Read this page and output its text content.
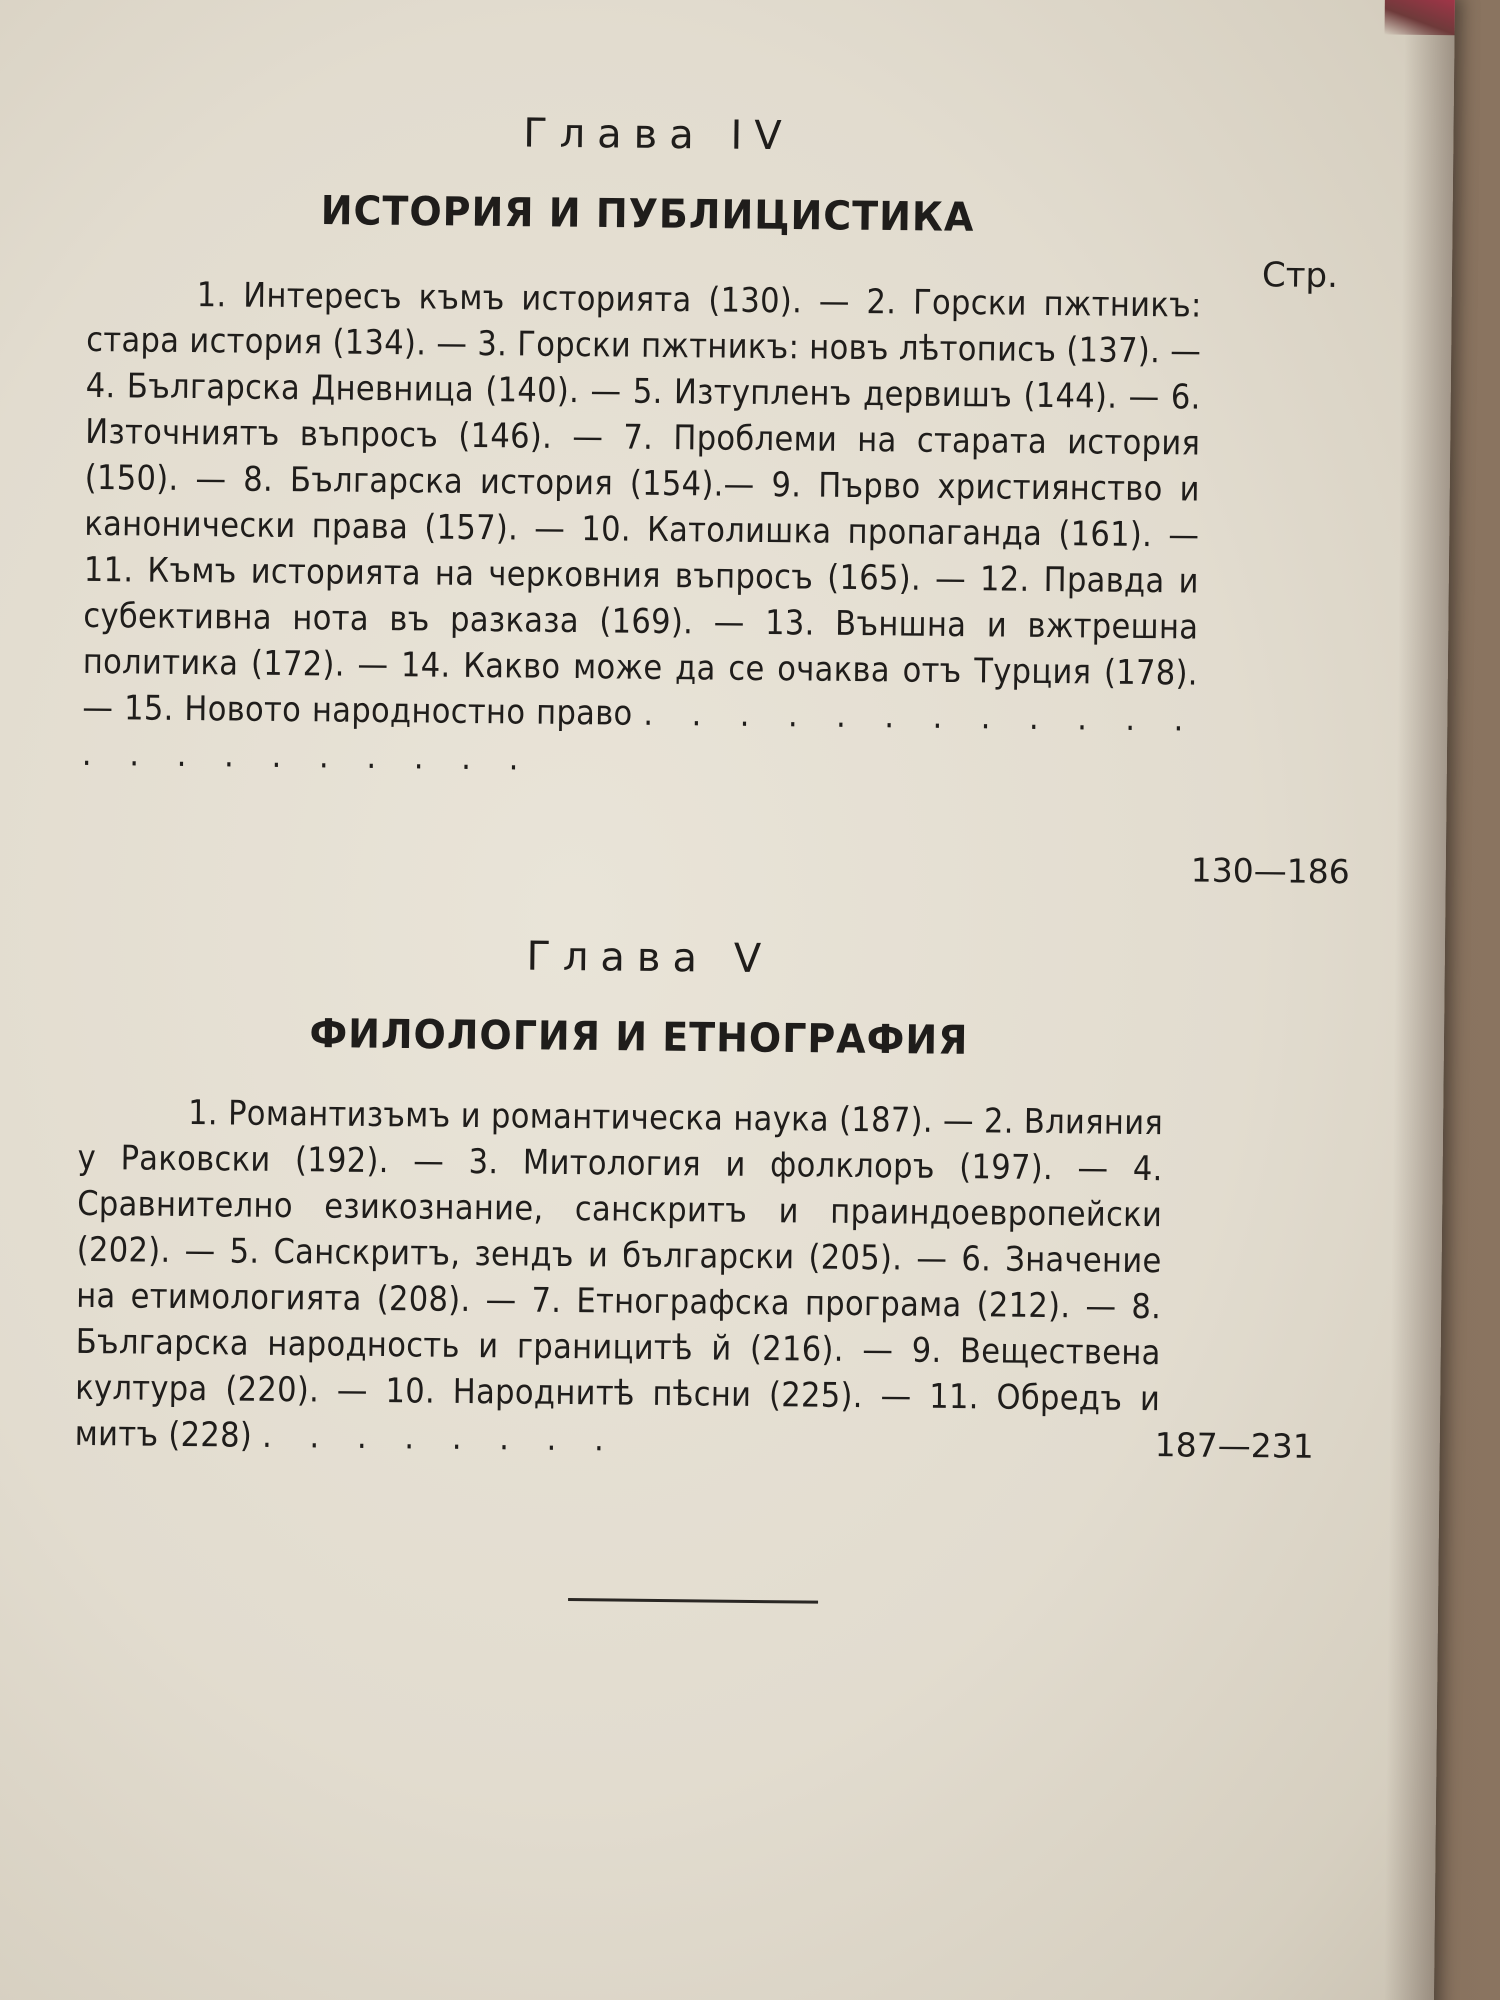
Глава IV
ИСТОРИЯ И ПУБЛИЦИСТИКА
Стр.
1. Интересъ къмъ историята (130). — 2. Горски пжтникъ: стара история (134). — 3. Горски пжтникъ: новъ лѣтописъ (137). — 4. Българска Дневница (140). — 5. Изтупленъ дервишъ (144). — 6. Източниятъ въпросъ (146). — 7. Проблеми на старата история (150). — 8. Българска история (154).— 9. Първо християнство и канонически права (157). — 10. Католишка пропаганда (161). — 11. Къмъ историята на черковния въпросъ (165). — 12. Правда и субективна нота въ разказа (169). — 13. Външна и вжтрешна политика (172). — 14. Какво може да се очаква отъ Турция (178). — 15. Новото народностно право . . . . . . . . . . . . . . . . . . . . . .
130—186
Глава V
ФИЛОЛОГИЯ И ЕТНОГРАФИЯ
1. Романтизъмъ и романтическа наука (187). — 2. Влияния у Раковски (192). — 3. Митология и фолклоръ (197). — 4. Сравнително езикознание, санскритъ и праиндоевропейски (202). — 5. Санскритъ, зендъ и български (205). — 6. Значение на етимологията (208). — 7. Етнографска програма (212). — 8. Българска народность и границитѣ й (216). — 9. Веществена култура (220). — 10. Народнитѣ пѣсни (225). — 11. Обредъ и митъ (228) . . . . . . . .	187—231
